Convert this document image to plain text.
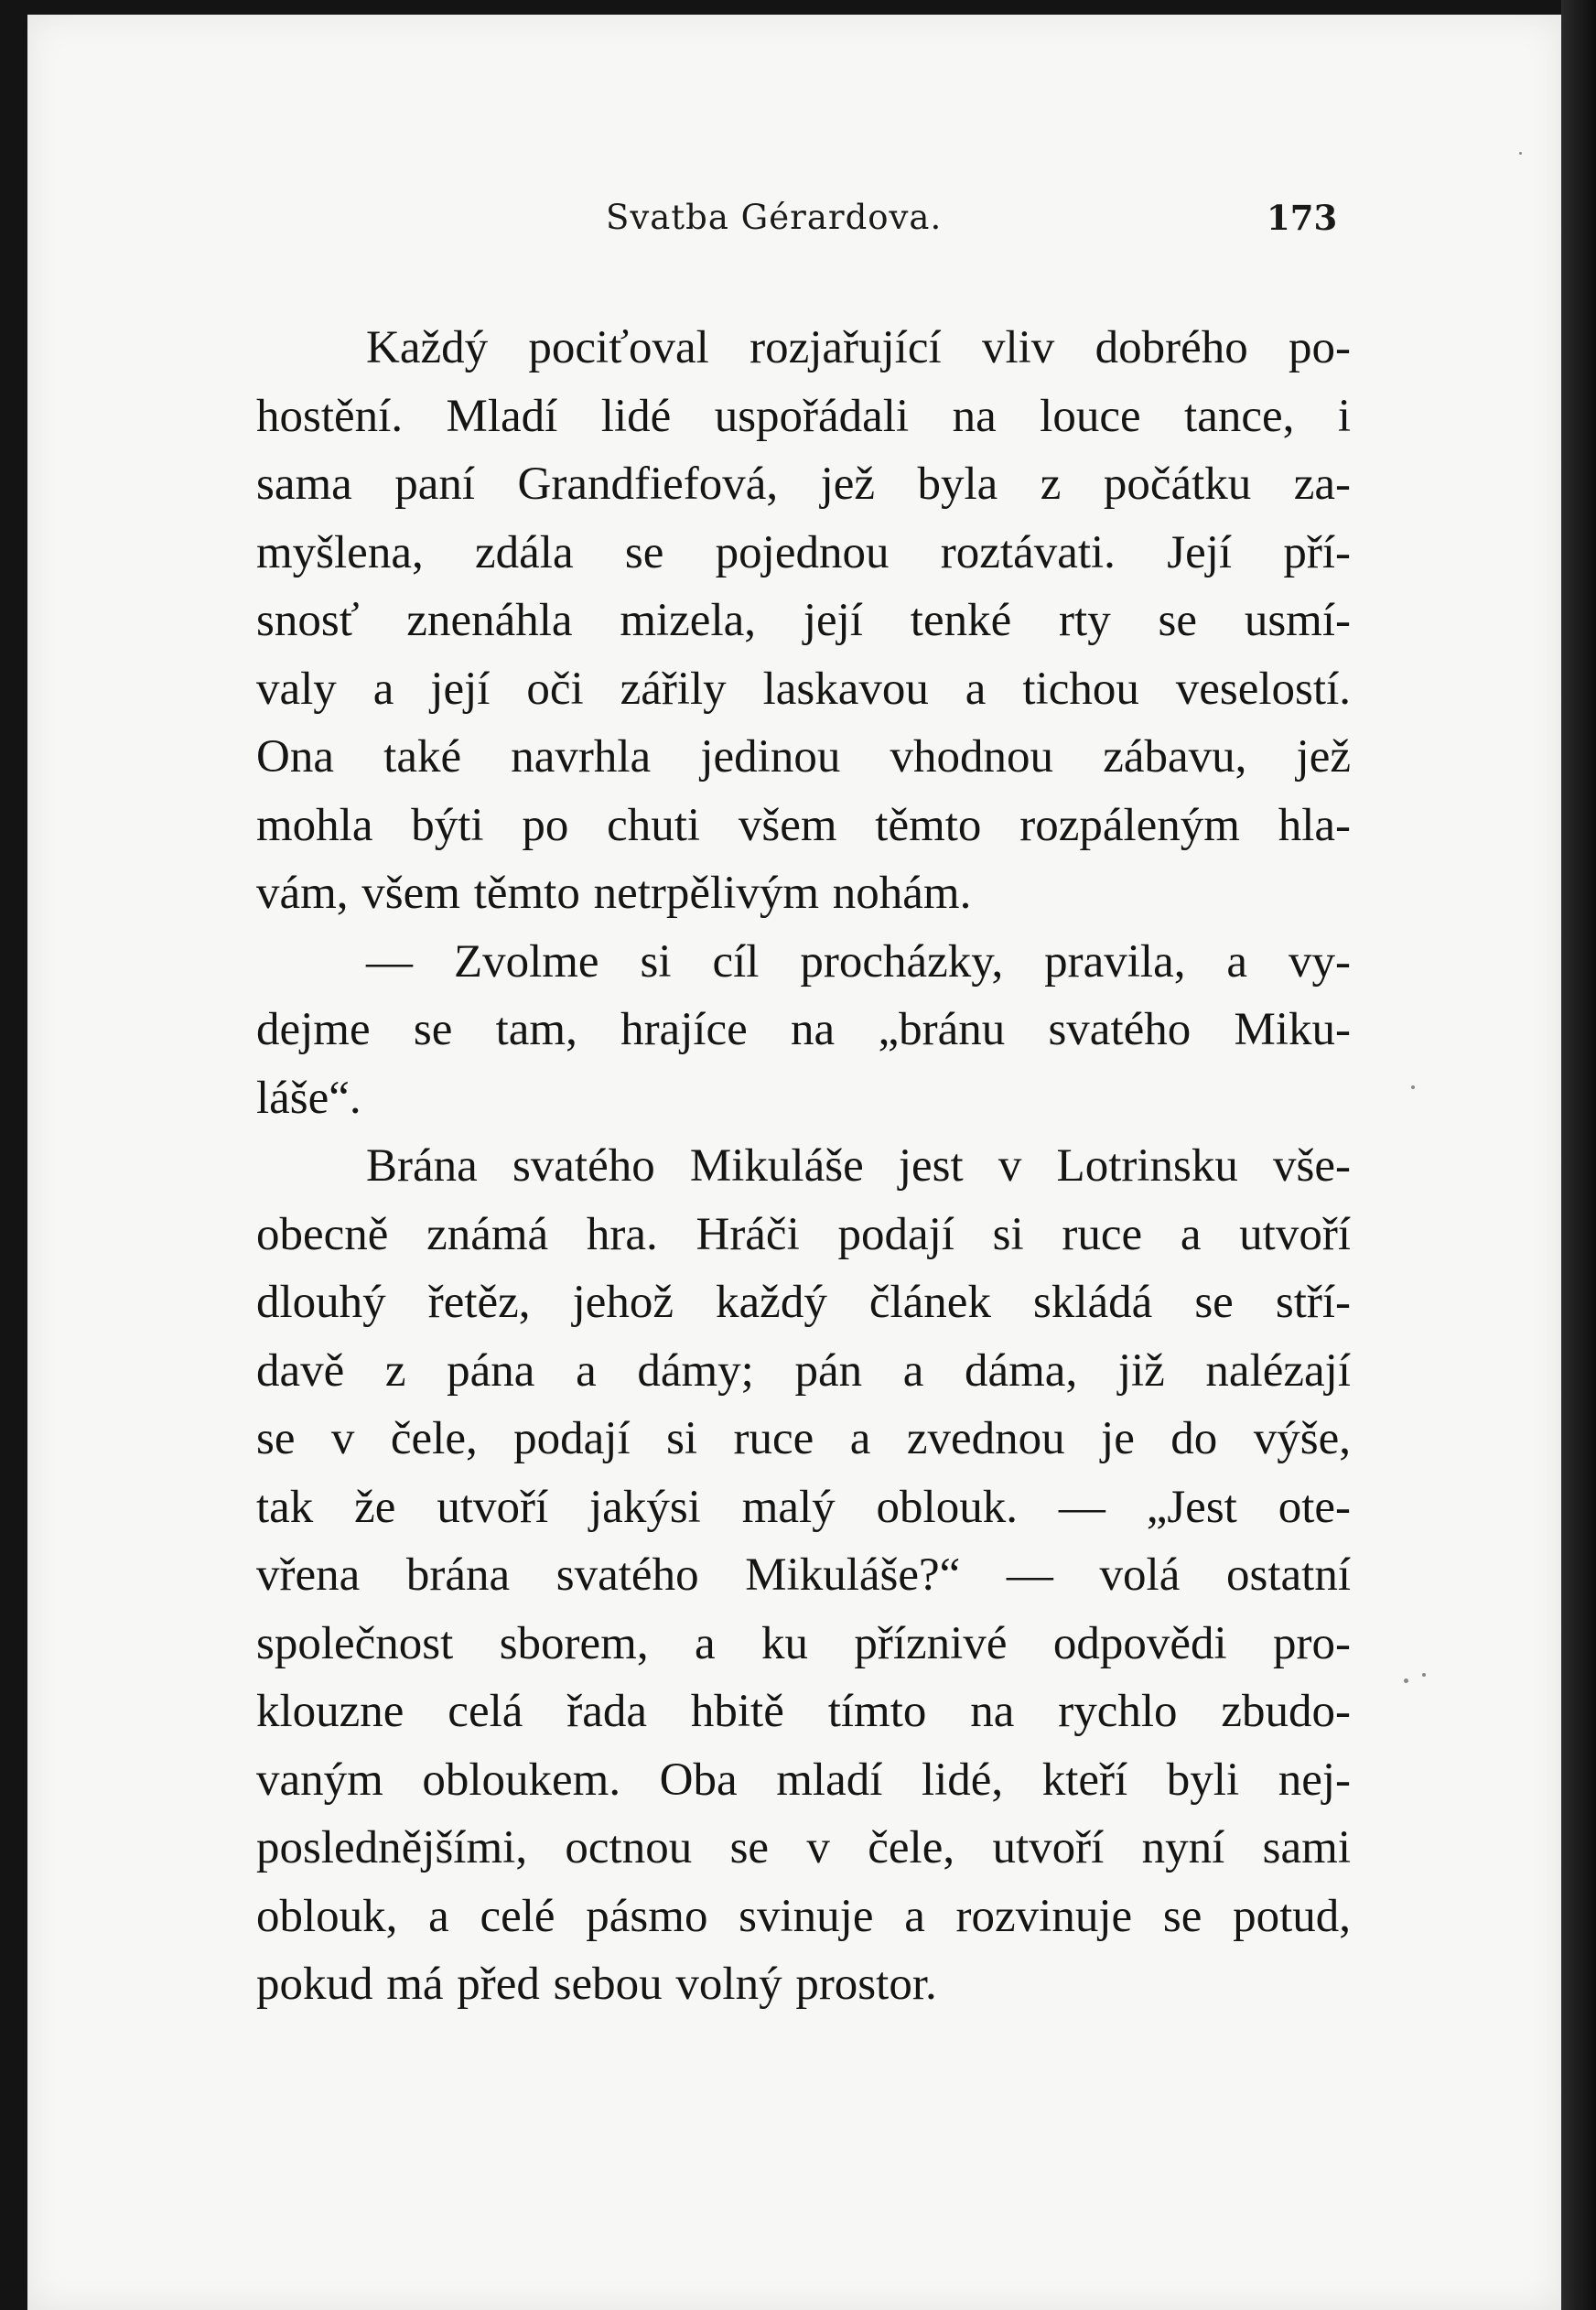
Svatba Gérardova.	173
Každý pociťoval rozjařující vliv dobrého po-
hostění. Mladí lidé uspořádali na louce tance, i
sama paní Grandfiefová, jež byla z počátku za-
myšlena, zdála se pojednou roztávati. Její pří-
snosť znenáhla mizela, její tenké rty se usmí-
valy a její oči zářily laskavou a tichou veselostí.
Ona také navrhla jedinou vhodnou zábavu, jež
mohla býti po chuti všem těmto rozpáleným hla-
vám, všem těmto netrpělivým nohám.
— Zvolme si cíl procházky, pravila, a vy-
dejme se tam, hrajíce na „bránu svatého Miku-
láše“.
Brána svatého Mikuláše jest v Lotrinsku vše-
obecně známá hra. Hráči podají si ruce a utvoří
dlouhý řetěz, jehož každý článek skládá se stří-
davě z pána a dámy; pán a dáma, již nalézají
se v čele, podají si ruce a zvednou je do výše,
tak že utvoří jakýsi malý oblouk. — „Jest ote-
vřena brána svatého Mikuláše?“ — volá ostatní
společnost sborem, a ku příznivé odpovědi pro-
klouzne celá řada hbitě tímto na rychlo zbudo-
vaným obloukem. Oba mladí lidé, kteří byli nej-
poslednějšími, octnou se v čele, utvoří nyní sami
oblouk, a celé pásmo svinuje a rozvinuje se potud,
pokud má před sebou volný prostor.
